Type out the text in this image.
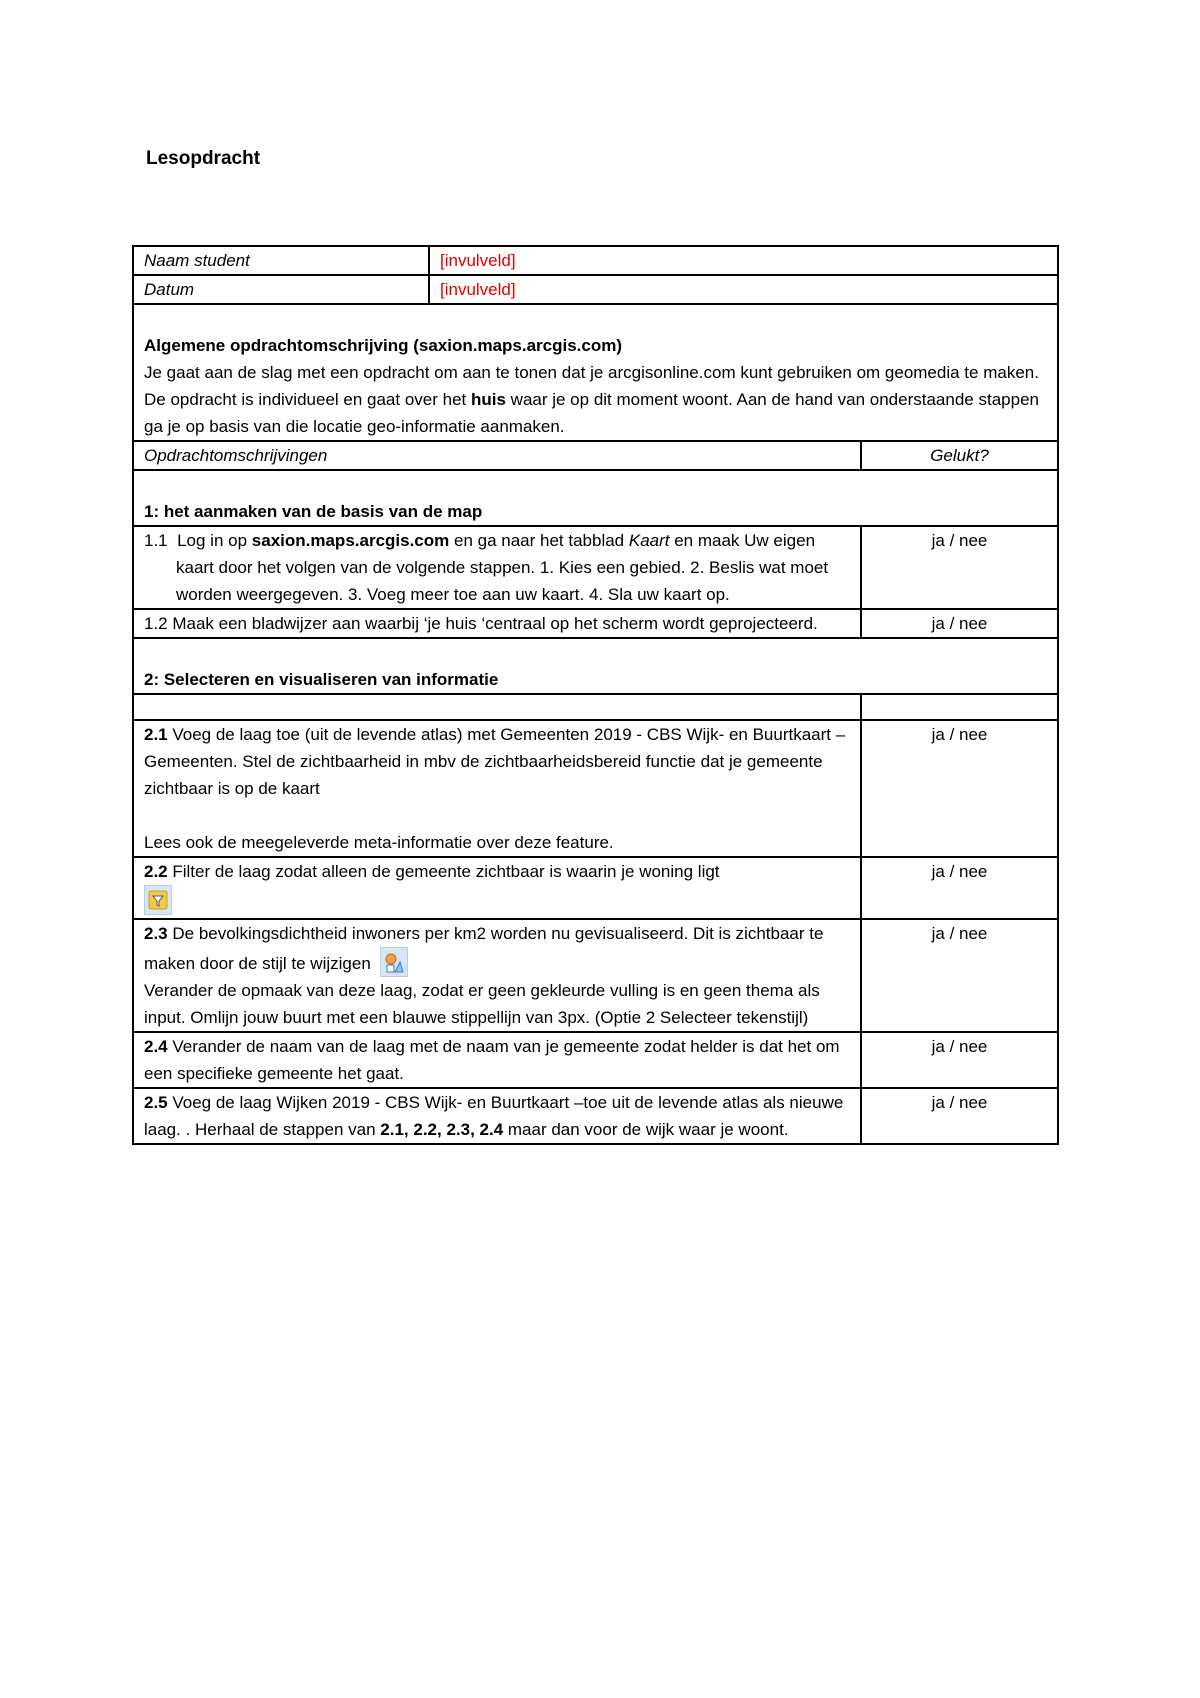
Lesopdracht
Naam student	[invulveld]	
Datum	[invulveld]	

Algemene opdrachtomschrijving (saxion.maps.arcgis.com)
Je gaat aan de slag met een opdracht om aan te tonen dat je arcgisonline.com kunt gebruiken om geomedia te maken. De opdracht is individueel en gaat over het huis waar je op dit moment woont. Aan de hand van onderstaande stappen ga je op basis van die locatie geo-informatie aanmaken.		

Opdrachtomschrijvingen		Gelukt?

1: het aanmaken van de basis van de map		

1.1 Log in op saxion.maps.arcgis.com en ga naar het tabblad Kaart en maak Uw eigen kaart door het volgen van de volgende stappen. 1. Kies een gebied. 2. Beslis wat moet worden weergegeven. 3. Voeg meer toe aan uw kaart. 4. Sla uw kaart op.		ja / nee
1.2 Maak een bladwijzer aan waarbij ‘je huis ‘centraal op het scherm wordt geprojecteerd.		ja / nee

2: Selecteren en visualiseren van informatie		

2.1 Voeg de laag toe (uit de levende atlas) met Gemeenten 2019 - CBS Wijk- en Buurtkaart – Gemeenten. Stel de zichtbaarheid in mbv de zichtbaarheidsbereid functie dat je gemeente zichtbaar is op de kaart
Lees ook de meegeleverde meta-informatie over deze feature.		ja / nee

2.2 Filter de laag zodat alleen de gemeente zichtbaar is waarin je woning ligt		ja / nee

2.3 De bevolkingsdichtheid inwoners per km2 worden nu gevisualiseerd. Dit is zichtbaar te maken door de stijl te wijzigen
Verander de opmaak van deze laag, zodat er geen gekleurde vulling is en geen thema als input. Omlijn jouw buurt met een blauwe stippellijn van 3px. (Optie 2 Selecteer tekenstijl)		ja / nee
2.4 Verander de naam van de laag met de naam van je gemeente zodat helder is dat het om een specifieke gemeente het gaat.		ja / nee
2.5 Voeg de laag Wijken 2019 - CBS Wijk- en Buurtkaart –toe uit de levende atlas als nieuwe laag. . Herhaal de stappen van 2.1, 2.2, 2.3, 2.4 maar dan voor de wijk waar je woont.		ja / nee
